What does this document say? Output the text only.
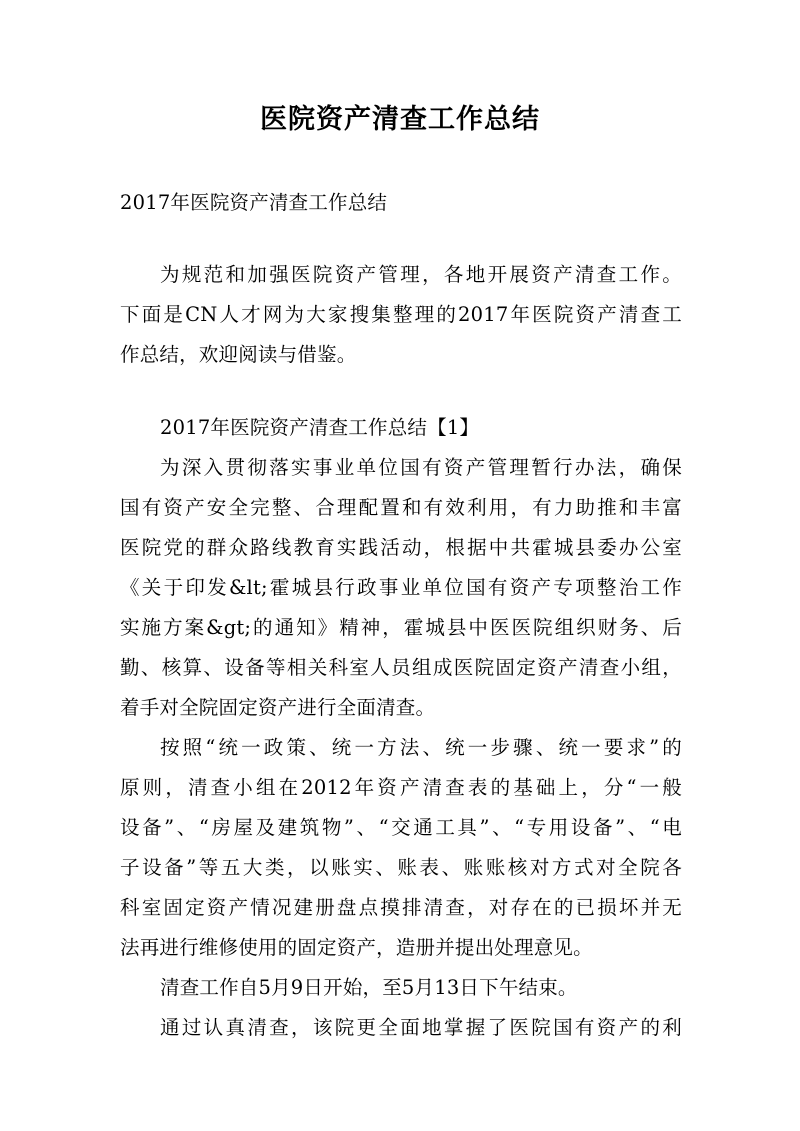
医院资产清查工作总结
2017年医院资产清查工作总结
为规范和加强医院资产管理，各地开展资产清查工作。
下面是CN人才网为大家搜集整理的2017年医院资产清查工
作总结，欢迎阅读与借鉴。
2017年医院资产清查工作总结【1】
为深入贯彻落实事业单位国有资产管理暂行办法，确保
国有资产安全完整、合理配置和有效利用，有力助推和丰富
医院党的群众路线教育实践活动，根据中共霍城县委办公室
《关于印发&lt;霍城县行政事业单位国有资产专项整治工作
实施方案&gt;的通知》精神，霍城县中医医院组织财务、后
勤、核算、设备等相关科室人员组成医院固定资产清查小组，
着手对全院固定资产进行全面清查。
按照“统一政策、统一方法、统一步骤、统一要求”的
原则，清查小组在2012年资产清查表的基础上，分“一般
设备”、“房屋及建筑物”、“交通工具”、“专用设备”、“电
子设备”等五大类，以账实、账表、账账核对方式对全院各
科室固定资产情况建册盘点摸排清查，对存在的已损坏并无
法再进行维修使用的固定资产，造册并提出处理意见。
清查工作自5月9日开始，至5月13日下午结束。
通过认真清查，该院更全面地掌握了医院国有资产的利
